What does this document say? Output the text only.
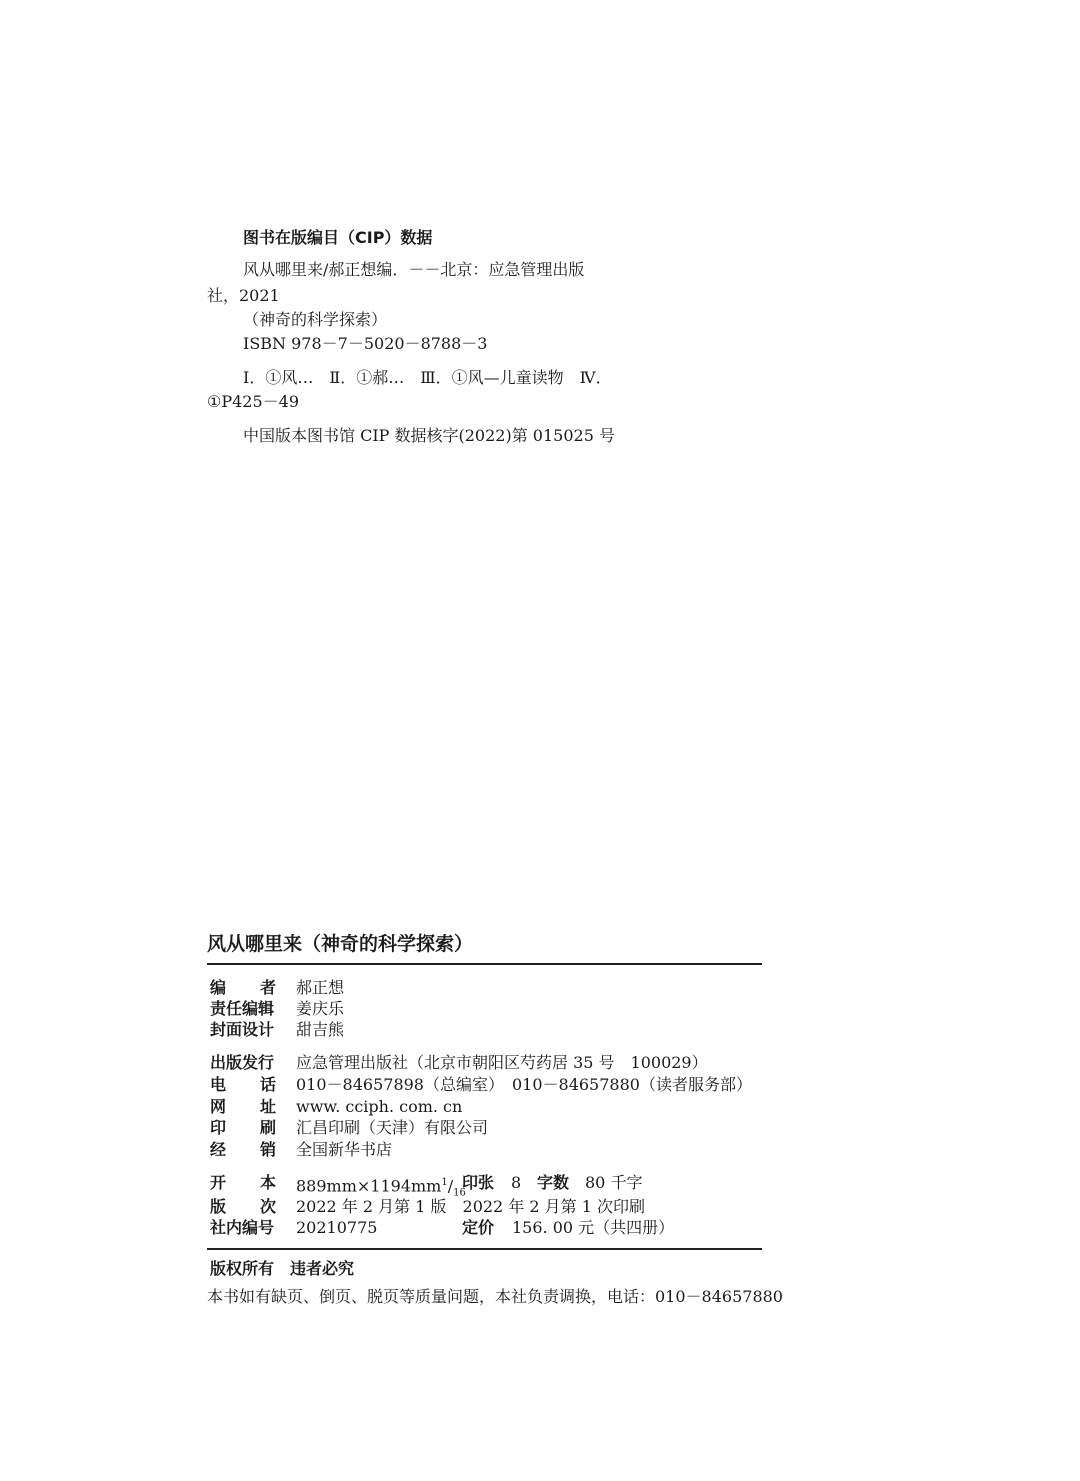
图书在版编目（CIP）数据
风从哪里来/郝正想编．－－北京：应急管理出版
社，2021
（神奇的科学探索）
ISBN 978－7－5020－8788－3
Ⅰ．①风…　Ⅱ．①郝…　Ⅲ．①风—儿童读物　Ⅳ．
①P425－49
中国版本图书馆 CIP 数据核字(2022)第 015025 号
风从哪里来（神奇的科学探索）
编　者 郝正想
责任编辑 姜庆乐
封面设计 甜吉熊
出版发行 应急管理出版社（北京市朝阳区芍药居 35 号　100029）
电　话 010－84657898（总编室）　010－84657880（读者服务部）
网　址 www. cciph. com. cn
印　刷 汇昌印刷（天津）有限公司
经　销 全国新华书店
开　本 $889mm\times 1194mm^1/_{16}$
印张 8 字数 80 千字
版　次 2022 年 2 月第 1 版　2022 年 2 月第 1 次印刷
社内编号 20210775	定价 156. 00 元（共四册）
版权所有　违者必究
本书如有缺页、倒页、脱页等质量问题，本社负责调换，电话：010－84657880
